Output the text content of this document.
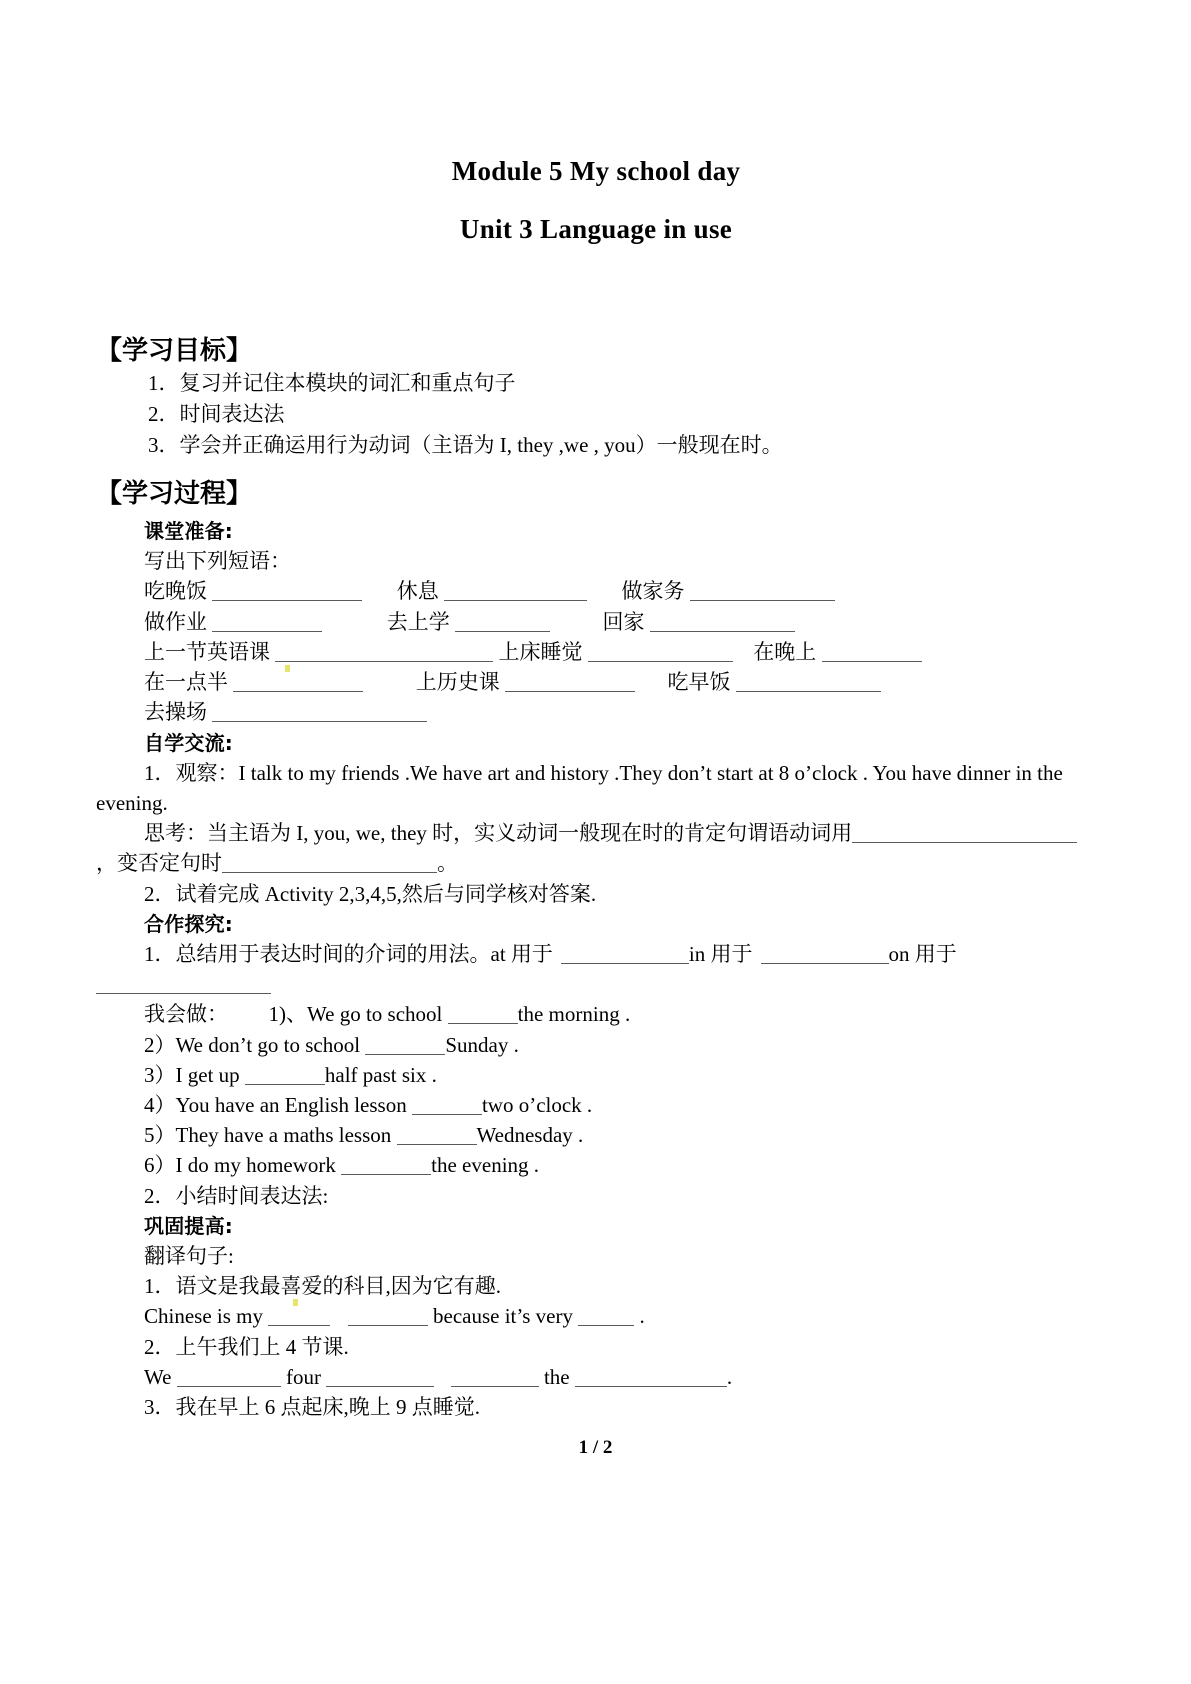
Module 5 My school day
Unit 3 Language in use
【学习目标】
1．复习并记住本模块的词汇和重点句子
2．时间表达法
3．学会并正确运用行为动词（主语为 I, they ,we , you）一般现在时。
【学习过程】
课堂准备:
写出下列短语：
吃晚饭	休息	做家务
做作业	去上学	回家
上一节英语课	上床睡觉	在晚上
在一点半	上历史课	吃早饭
去操场
自学交流:
1．观察：I talk to my friends .We have art and history .They don’t start at 8 o’clock . You have dinner in the evening.
思考：当主语为 I, you, we, they 时，实义动词一般现在时的肯定句谓语动词用，变否定句时	。
2．试着完成 Activity 2,3,4,5,然后与同学核对答案.
合作探究:
1．总结用于表达时间的介词的用法。at 用于	in 用于	on 用于
我会做： 1)、We go to school	the morning .
2）We don’t go to school	Sunday .
3）I get up	half past six .
4）You have an English lesson	two o’clock .
5）They have a maths lesson	Wednesday .
6）I do my homework	the evening .
2．小结时间表达法:
巩固提高:
翻译句子:
1．语文是我最喜爱的科目,因为它有趣.
Chinese is my	because it’s very	.
2．上午我们上 4 节课.
We	four	the	.
3．我在早上 6 点起床,晚上 9 点睡觉.
1 / 2
